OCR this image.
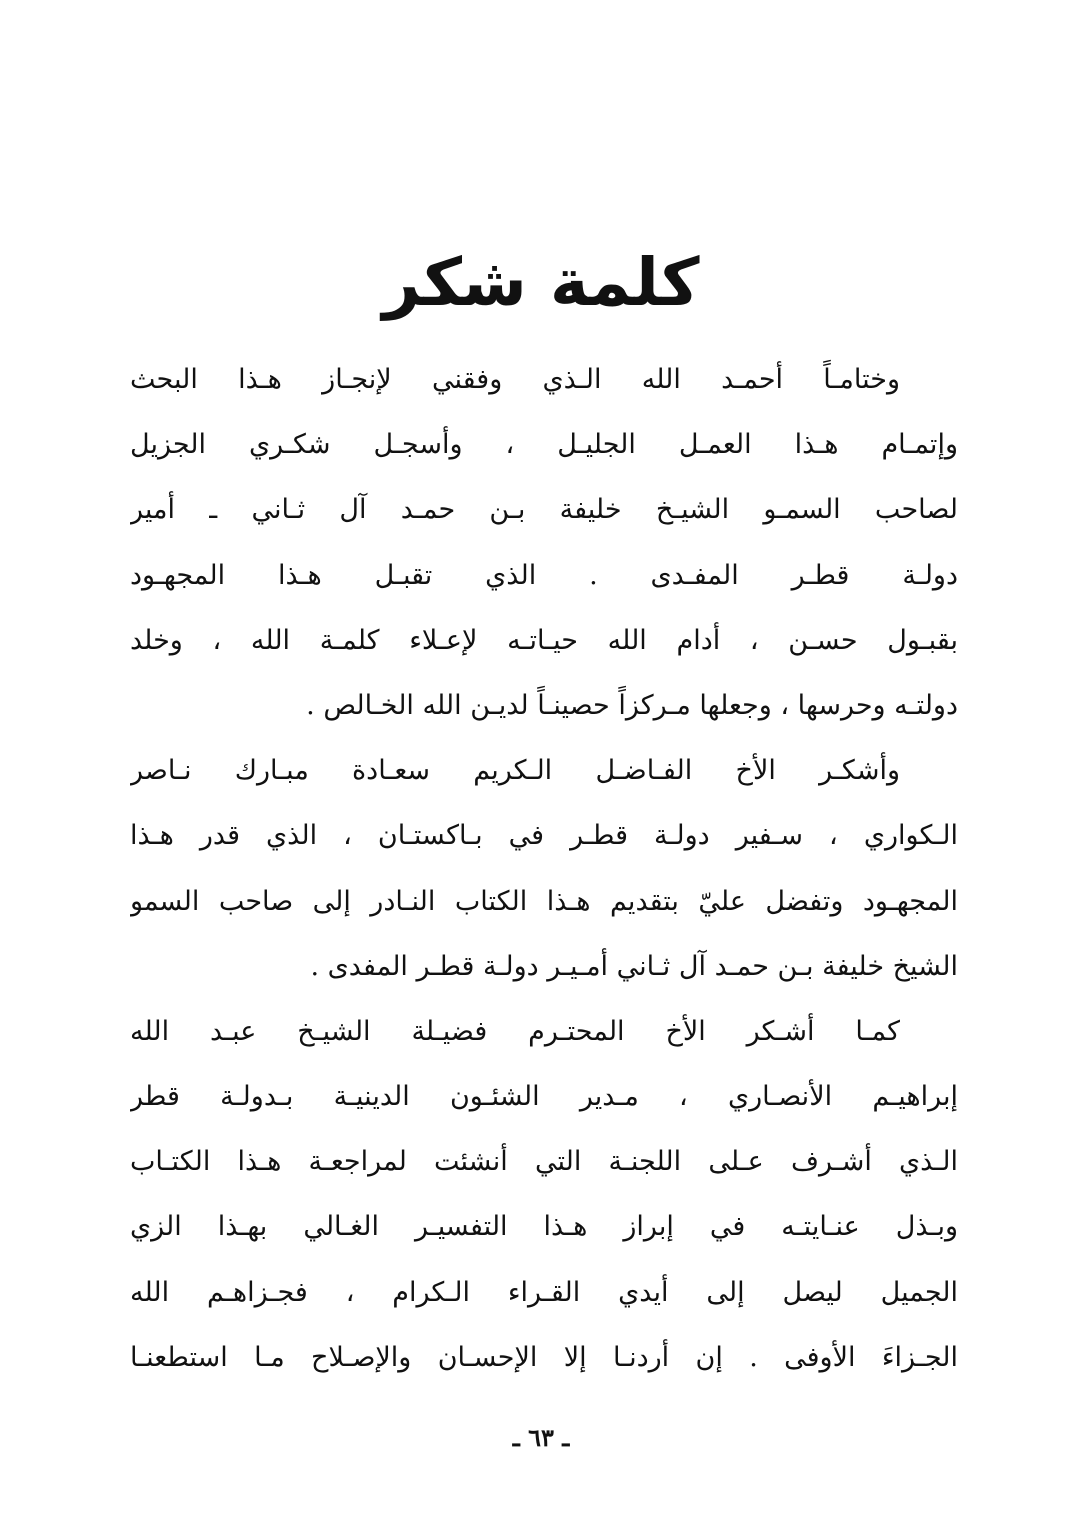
كلمة شكر
وختامـاً أحمـد الله الـذي وفقني لإنجـاز هـذا البحث
وإتمـام هـذا العمـل الجليـل ، وأسجـل شكـري الجزيل
لصاحب السمـو الشيـخ خليفة بـن حمـد آل ثـاني ـ أمير
دولـة قطـر المفـدى . الذي تقبـل هـذا المجهـود
بقبـول حسـن ، أدام الله حيـاتـه لإعـلاء كلمـة الله ، وخلد
دولتـه وحرسها ، وجعلها مـركزاً حصينـاً لديـن الله الخـالص .
وأشكـر الأخ الفـاضـل الـكريم سعـادة مبـارك نـاصر
الـكواري ، سـفير دولـة قطـر في بـاكستـان ، الذي قدر هـذا
المجهـود وتفضل عليّ بتقديم هـذا الكتاب النـادر إلى صاحب السمو
الشيخ خليفة بـن حمـد آل ثـاني أمـيـر دولـة قطـر المفدى .
كمـا أشـكر الأخ المحتـرم فضيـلة الشيـخ عبـد الله
إبراهيـم الأنصـاري ، مـدير الشئـون الدينيـة بـدولـة قطر
الـذي أشـرف عـلى اللجنـة التي أنشئت لمراجعـة هـذا الكتـاب
وبـذل عنـايتـه في إبراز هـذا التفسيـر الغـالي بهـذا الزي
الجميل ليصل إلى أيدي القـراء الـكرام ، فجـزاهـم الله
الجـزاءَ الأوفى . إن أردنـا إلا الإحسـان والإصـلاح مـا استطعنـا
ـ ٦٣ ـ
